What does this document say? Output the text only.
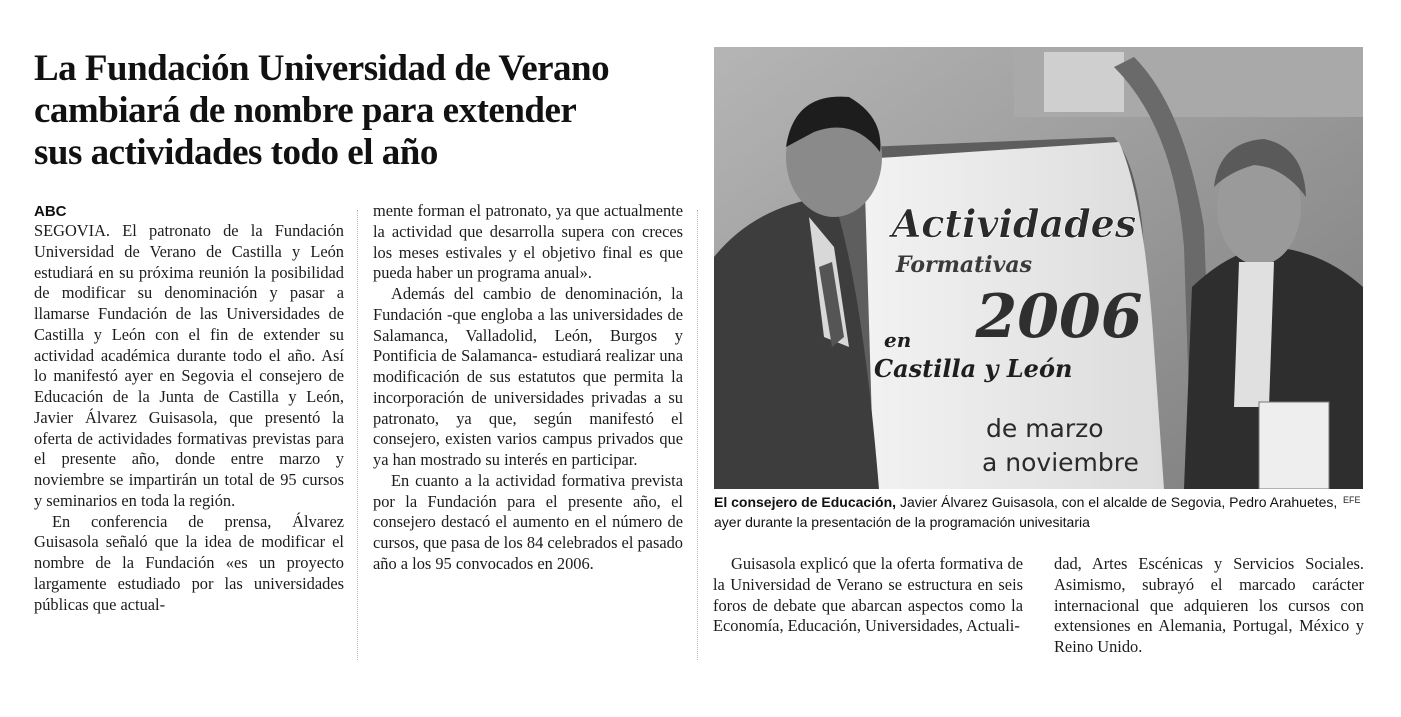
La Fundación Universidad de Verano
cambiará de nombre para extender
sus actividades todo el año
ABC

SEGOVIA. El patronato de la Fundación Universidad de Verano de Castilla y León estudiará en su próxima reunión la posibilidad de modificar su denominación y pasar a llamarse Fundación de las Universidades de Castilla y León con el fin de extender su actividad académica durante todo el año. Así lo manifestó ayer en Segovia el consejero de Educación de la Junta de Castilla y León, Javier Álvarez Guisasola, que presentó la oferta de actividades formativas previstas para el presente año, donde entre marzo y noviembre se impartirán un total de 95 cursos y seminarios en toda la región.

En conferencia de prensa, Álvarez Guisasola señaló que la idea de modificar el nombre de la Fundación «es un proyecto largamente estudiado por las universidades públicas que actual-

mente forman el patronato, ya que actualmente la actividad que desarrolla supera con creces los meses estivales y el objetivo final es que pueda haber un programa anual».

Además del cambio de denominación, la Fundación -que engloba a las universidades de Salamanca, Valladolid, León, Burgos y Pontificia de Salamanca- estudiará realizar una modificación de sus estatutos que permita la incorporación de universidades privadas a su patronato, ya que, según manifestó el consejero, existen varios campus privados que ya han mostrado su interés en participar.

En cuanto a la actividad formativa prevista por la Fundación para el presente año, el consejero destacó el aumento en el número de cursos, que pasa de los 84 celebrados el pasado año a los 95 convocados en 2006.	Guisasola explicó que la oferta formativa de la Universidad de Verano se estructura en seis foros de debate que abarcan aspectos como la Economía, Educación, Universidades, Actuali-

dad, Artes Escénicas y Servicios Sociales. Asimismo, subrayó el marcado carácter internacional que adquieren los cursos con extensiones en Alemania, Portugal, México y Reino Unido.

Actividades
Formativas
2006
en
Castilla y León
de marzo
a noviembre
El consejero de Educación, Javier Álvarez Guisasola, con el alcalde de Segovia, Pedro Arahuetes, ayer durante la presentación de la programación univesitaria
EFE
